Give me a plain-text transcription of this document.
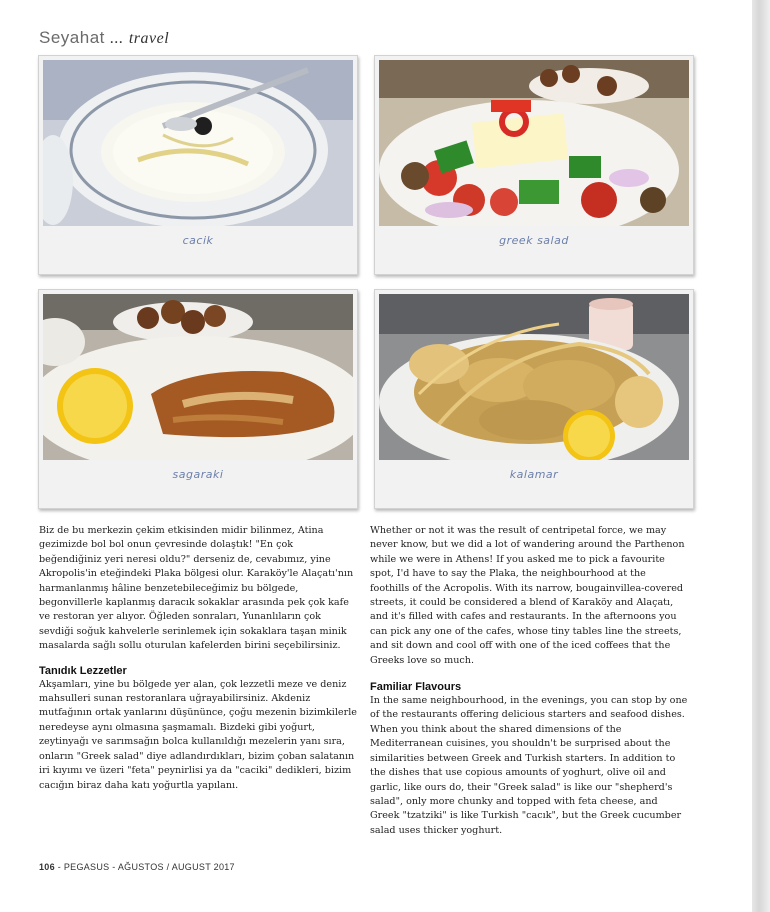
Seyahat ... travel
cacik	greek salad
sagaraki	kalamar

Biz de bu merkezin çekim etkisinden midir bilinmez, Atina gezimizde bol bol onun çevresinde dolaştık! "En çok beğendiğiniz yeri neresi oldu?" derseniz de, cevabımız, yine Akropolis'in eteğindeki Plaka bölgesi olur. Karaköy'le Alaçatı'nın harmanlanmış hâline benzetebileceğimiz bu bölgede, begonvillerle kaplanmış daracık sokaklar arasında pek çok kafe ve restoran yer alıyor. Öğleden sonraları, Yunanlıların çok sevdiği soğuk kahvelerle serinlemek için sokaklara taşan minik masalarda sağlı sollu oturulan kafelerden birini seçebilirsiniz.

Tanıdık Lezzetler

Akşamları, yine bu bölgede yer alan, çok lezzetli meze ve deniz mahsulleri sunan restoranlara uğrayabilirsiniz. Akdeniz mutfağının ortak yanlarını düşününce, çoğu mezenin bizimkilerle neredeyse aynı olmasına şaşmamalı. Bizdeki gibi yoğurt, zeytinyağı ve sarımsağın bolca kullanıldığı mezelerin yanı sıra, onların "Greek salad" diye adlandırdıkları, bizim çoban salatanın iri kıyımı ve üzeri "feta" peynirlisi ya da "caciki" dedikleri, bizim cacığın biraz daha katı yoğurtla yapılanı.

Whether or not it was the result of centripetal force, we may never know, but we did a lot of wandering around the Parthenon while we were in Athens! If you asked me to pick a favourite spot, I'd have to say the Plaka, the neighbourhood at the foothills of the Acropolis. With its narrow, bougainvillea-covered streets, it could be considered a blend of Karaköy and Alaçatı, and it's filled with cafes and restaurants. In the afternoons you can pick any one of the cafes, whose tiny tables line the streets, and sit down and cool off with one of the iced coffees that the Greeks love so much.

Familiar Flavours

In the same neighbourhood, in the evenings, you can stop by one of the restaurants offering delicious starters and seafood dishes. When you think about the shared dimensions of the Mediterranean cuisines, you shouldn't be surprised about the similarities between Greek and Turkish starters. In addition to the dishes that use copious amounts of yoghurt, olive oil and garlic, like ours do, their "Greek salad" is like our "shepherd's salad", only more chunky and topped with feta cheese, and Greek "tzatziki" is like Turkish "cacık", but the Greek cucumber salad uses thicker yoghurt.

106 - PEGASUS - AĞUSTOS / AUGUST 2017
